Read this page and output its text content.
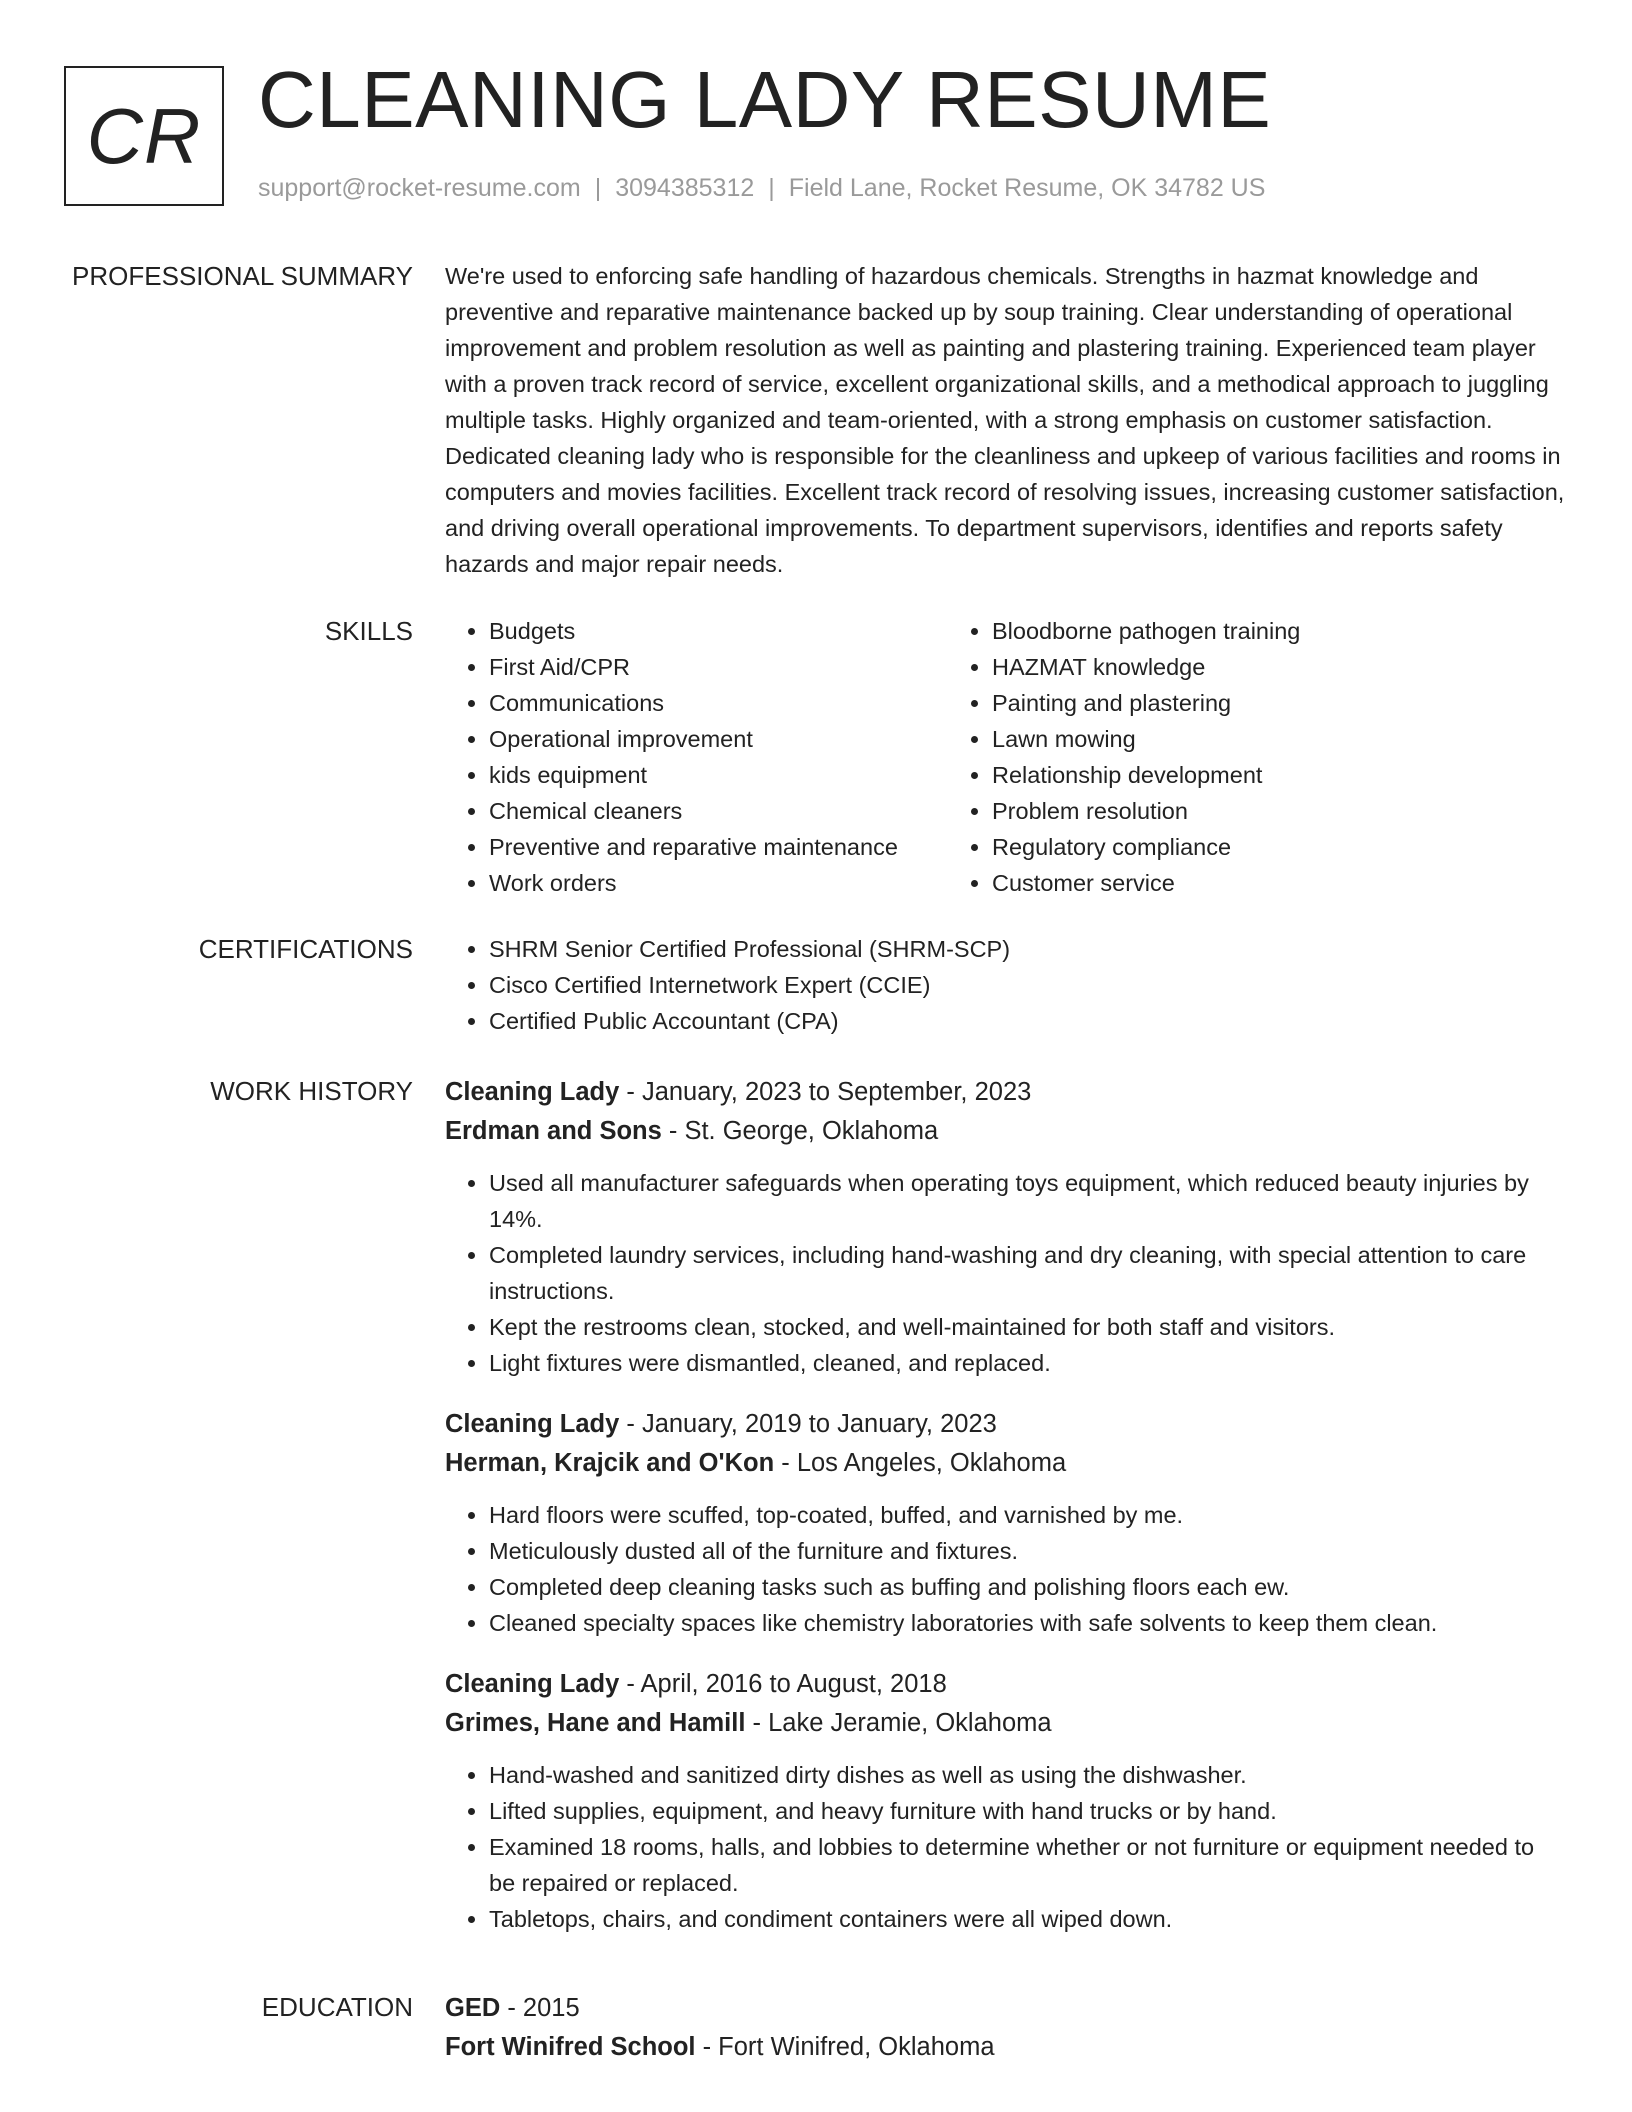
CR CLEANING LADY RESUME
support@rocket-resume.com | 3094385312 | Field Lane, Rocket Resume, OK 34782 US
PROFESSIONAL SUMMARY We're used to enforcing safe handling of hazardous chemicals. Strengths in hazmat knowledge and preventive and reparative maintenance backed up by soup training. Clear understanding of operational improvement and problem resolution as well as painting and plastering training. Experienced team player with a proven track record of service, excellent organizational skills, and a methodical approach to juggling multiple tasks. Highly organized and team-oriented, with a strong emphasis on customer satisfaction. Dedicated cleaning lady who is responsible for the cleanliness and upkeep of various facilities and rooms in computers and movies facilities. Excellent track record of resolving issues, increasing customer satisfaction, and driving overall operational improvements. To department supervisors, identifies and reports safety hazards and major repair needs.

SKILLS	• Budgets
• First Aid/CPR
• Communications
• Operational improvement
• kids equipment
• Chemical cleaners
• Preventive and reparative maintenance
• Work orders
• Bloodborne pathogen training
• HAZMAT knowledge
• Painting and plastering
• Lawn mowing
• Relationship development
• Problem resolution
• Regulatory compliance
• Customer service
CERTIFICATIONS	• SHRM Senior Certified Professional (SHRM-SCP)
• Cisco Certified Internetwork Expert (CCIE)
• Certified Public Accountant (CPA)
WORK HISTORY Cleaning Lady - January, 2023 to September, 2023
Erdman and Sons - St. George, Oklahoma
• Used all manufacturer safeguards when operating toys equipment, which reduced beauty injuries by 14%.
• Completed laundry services, including hand-washing and dry cleaning, with special attention to care instructions.
• Kept the restrooms clean, stocked, and well-maintained for both staff and visitors.
• Light fixtures were dismantled, cleaned, and replaced.
Cleaning Lady - January, 2019 to January, 2023
Herman, Krajcik and O'Kon - Los Angeles, Oklahoma
• Hard floors were scuffed, top-coated, buffed, and varnished by me.
• Meticulously dusted all of the furniture and fixtures.
• Completed deep cleaning tasks such as buffing and polishing floors each ew.
• Cleaned specialty spaces like chemistry laboratories with safe solvents to keep them clean.
Cleaning Lady - April, 2016 to August, 2018
Grimes, Hane and Hamill - Lake Jeramie, Oklahoma
• Hand-washed and sanitized dirty dishes as well as using the dishwasher.
• Lifted supplies, equipment, and heavy furniture with hand trucks or by hand.
• Examined 18 rooms, halls, and lobbies to determine whether or not furniture or equipment needed to be repaired or replaced.
• Tabletops, chairs, and condiment containers were all wiped down.
EDUCATION GED - 2015
Fort Winifred School - Fort Winifred, Oklahoma
